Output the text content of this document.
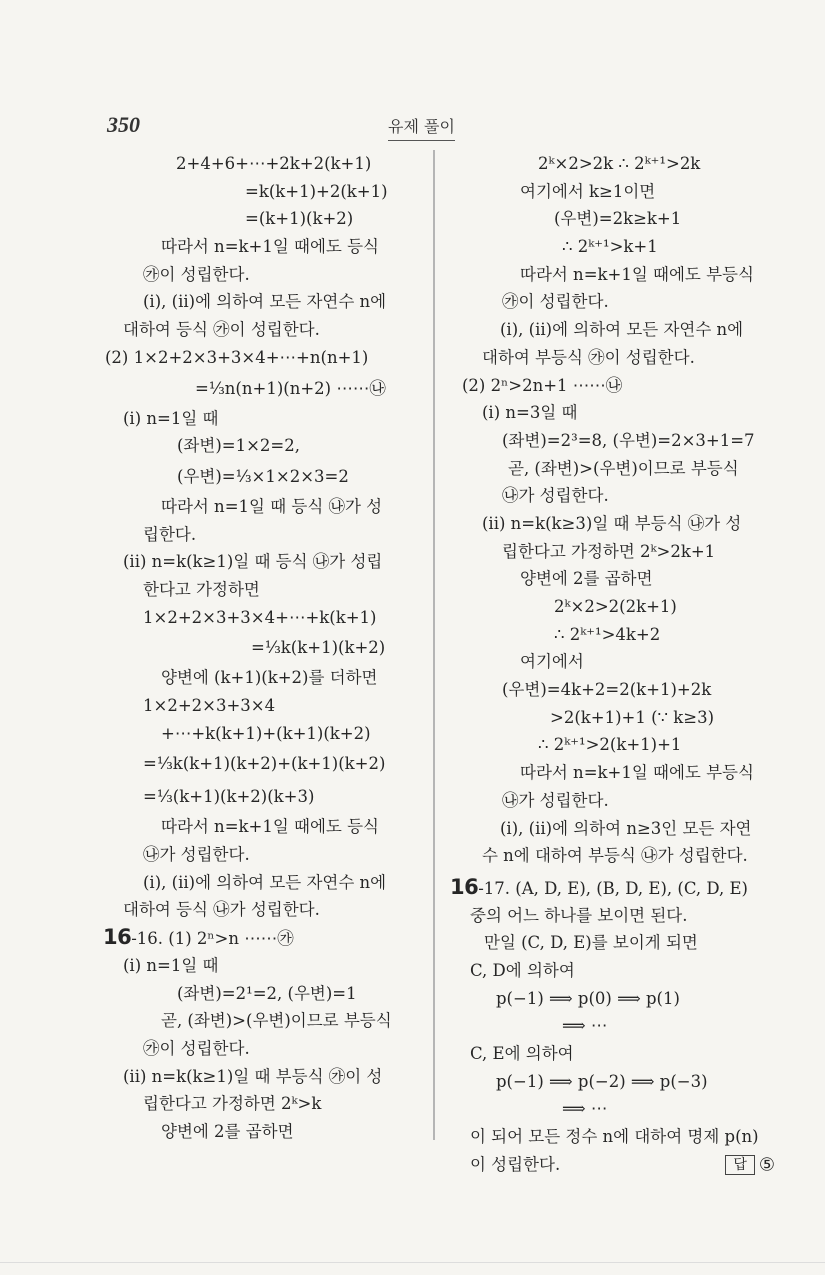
350	유제 풀이
2+4+6+⋯+2k+2(k+1)
=k(k+1)+2(k+1)
=(k+1)(k+2)
따라서 n=k+1일 때에도 등식
㉮이 성립한다.
(i), (ii)에 의하여 모든 자연수 n에
대하여 등식 ㉮이 성립한다.
(2) 1×2+2×3+3×4+⋯+n(n+1)
=¹⁄₃n(n+1)(n+2) ⋯⋯㉯
(i) n=1일 때
(좌변)=1×2=2,
(우변)=¹⁄₃×1×2×3=2
따라서 n=1일 때 등식 ㉯가 성
립한다.
(ii) n=k(k≥1)일 때 등식 ㉯가 성립
한다고 가정하면
1×2+2×3+3×4+⋯+k(k+1)
=¹⁄₃k(k+1)(k+2)
양변에 (k+1)(k+2)를 더하면
1×2+2×3+3×4
+⋯+k(k+1)+(k+1)(k+2)
=¹⁄₃k(k+1)(k+2)+(k+1)(k+2)
=¹⁄₃(k+1)(k+2)(k+3)
따라서 n=k+1일 때에도 등식
㉯가 성립한다.
(i), (ii)에 의하여 모든 자연수 n에
대하여 등식 ㉯가 성립한다.
16-16. (1) 2ⁿ>n ⋯⋯㉮
(i) n=1일 때
(좌변)=2¹=2, (우변)=1
곧, (좌변)>(우변)이므로 부등식
㉮이 성립한다.
(ii) n=k(k≥1)일 때 부등식 ㉮이 성
립한다고 가정하면 2ᵏ>k
양변에 2를 곱하면
2ᵏ×2>2k ∴ 2ᵏ⁺¹>2k
여기에서 k≥1이면
(우변)=2k≥k+1
∴ 2ᵏ⁺¹>k+1
따라서 n=k+1일 때에도 부등식
㉮이 성립한다.
(i), (ii)에 의하여 모든 자연수 n에
대하여 부등식 ㉮이 성립한다.
(2) 2ⁿ>2n+1 ⋯⋯㉯
(i) n=3일 때
(좌변)=2³=8, (우변)=2×3+1=7
곧, (좌변)>(우변)이므로 부등식
㉯가 성립한다.
(ii) n=k(k≥3)일 때 부등식 ㉯가 성
립한다고 가정하면 2ᵏ>2k+1
양변에 2를 곱하면
2ᵏ×2>2(2k+1)
∴ 2ᵏ⁺¹>4k+2
여기에서
(우변)=4k+2=2(k+1)+2k
>2(k+1)+1 (∵ k≥3)
∴ 2ᵏ⁺¹>2(k+1)+1
따라서 n=k+1일 때에도 부등식
㉯가 성립한다.
(i), (ii)에 의하여 n≥3인 모든 자연
수 n에 대하여 부등식 ㉯가 성립한다.
16-17. (A, D, E), (B, D, E), (C, D, E)
중의 어느 하나를 보이면 된다.
만일 (C, D, E)를 보이게 되면
C, D에 의하여
p(−1) ⟹ p(0) ⟹ p(1)
⟹ ⋯
C, E에 의하여
p(−1) ⟹ p(−2) ⟹ p(−3)
⟹ ⋯
이 되어 모든 정수 n에 대하여 명제 p(n)
이 성립한다.	답 ⑤
